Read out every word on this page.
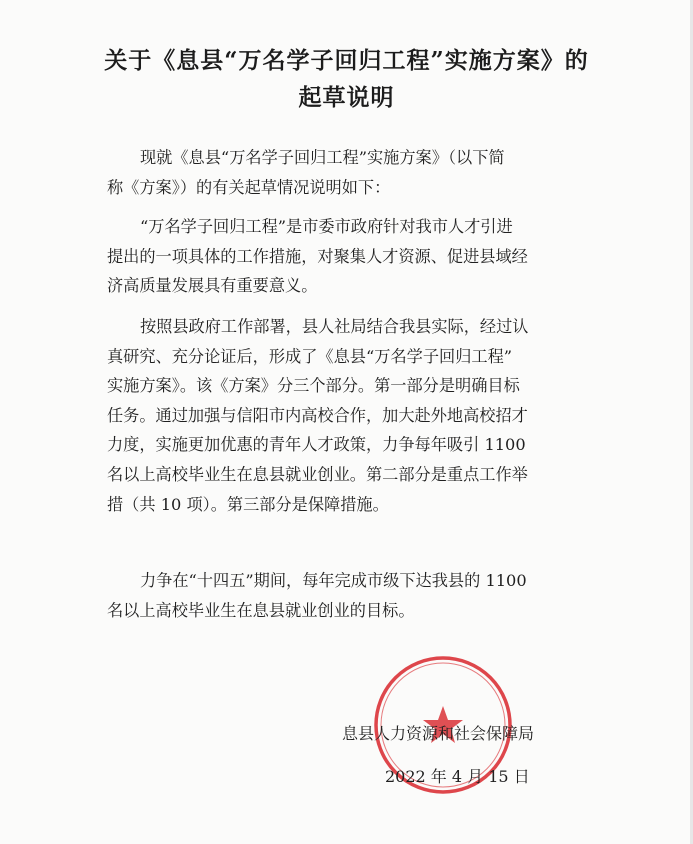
关于《息县“万名学子回归工程”实施方案》的
起草说明

现就《息县“万名学子回归工程”实施方案》（以下简

称《方案》）的有关起草情况说明如下：

“万名学子回归工程”是市委市政府针对我市人才引进

提出的一项具体的工作措施，对聚集人才资源、促进县域经

济高质量发展具有重要意义。

按照县政府工作部署，县人社局结合我县实际，经过认

真研究、充分论证后，形成了《息县“万名学子回归工程”

实施方案》。该《方案》分三个部分。第一部分是明确目标

任务。通过加强与信阳市内高校合作，加大赴外地高校招才

力度，实施更加优惠的青年人才政策，力争每年吸引 1100

名以上高校毕业生在息县就业创业。第二部分是重点工作举

措（共 10 项）。第三部分是保障措施。

力争在“十四五”期间，每年完成市级下达我县的 1100

名以上高校毕业生在息县就业创业的目标。

息县人力资源和社会保障局
2022 年 4 月 15 日
